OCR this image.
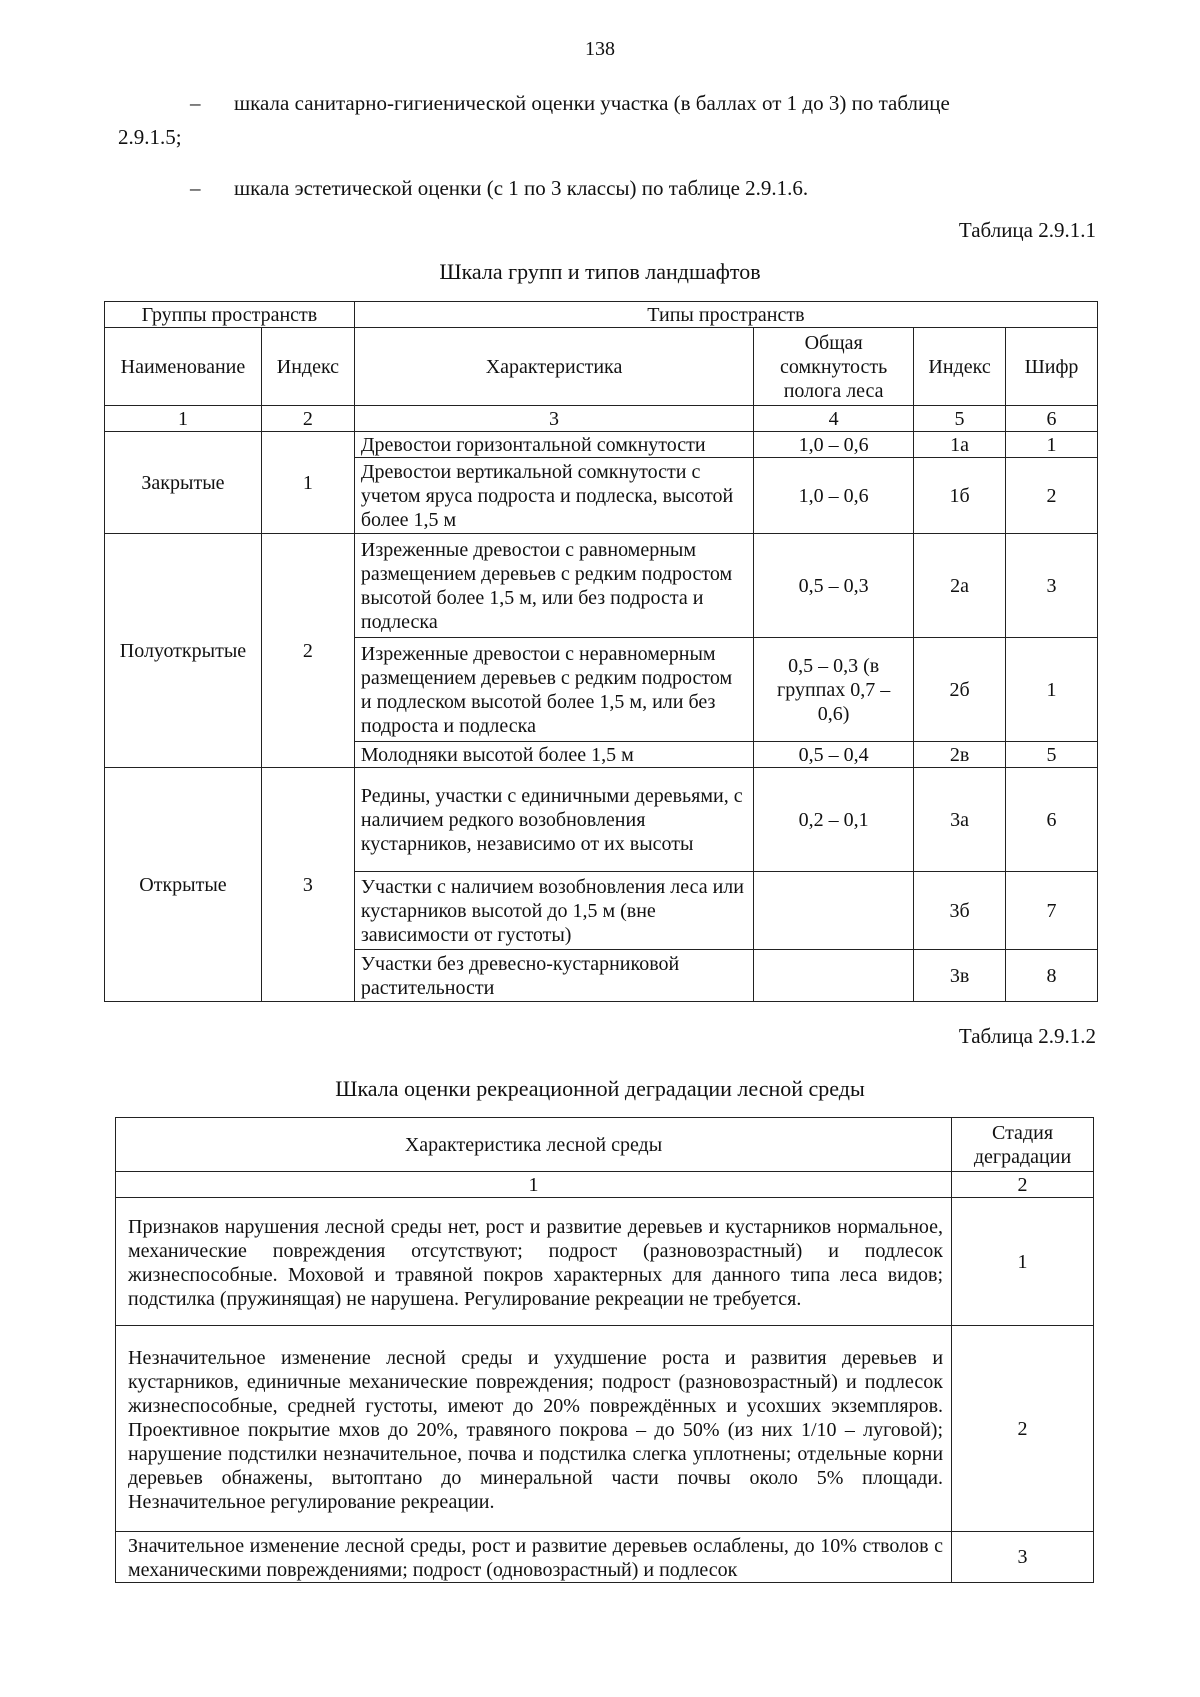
138
– шкала санитарно-гигиенической оценки участка (в баллах от 1 до 3) по таблице
2.9.1.5;
– шкала эстетической оценки (с 1 по 3 классы) по таблице 2.9.1.6.
Таблица 2.9.1.1
Шкала групп и типов ландшафтов
Группы пространств		Типы пространств			
Наименование	Индекс	Характеристика	Общая сомкнутость полога леса	Индекс	Шифр
1	2	3	4	5	6
Закрытые	1	Древостои горизонтальной сомкнутости	1,0 – 0,6	1а	1
		Древостои вертикальной сомкнутости с учетом яруса подроста и подлеска, высотой более 1,5 м	1,0 – 0,6	1б	2
Полуоткрытые	2	Изреженные древостои с равномерным размещением деревьев с редким подростом высотой более 1,5 м, или без подроста и подлеска	0,5 – 0,3	2а	3
		Изреженные древостои с неравномерным размещением деревьев с редким подростом и подлеском высотой более 1,5 м, или без подроста и подлеска	0,5 – 0,3 (в группах 0,7 – 0,6)	2б	1
		Молодняки высотой более 1,5 м	0,5 – 0,4	2в	5
Открытые	3	Редины, участки с единичными деревьями, с наличием редкого возобновления кустарников, независимо от их высоты	0,2 – 0,1	3а	6
		Участки с наличием возобновления леса или кустарников высотой до 1,5 м (вне зависимости от густоты)		3б	7
		Участки без древесно-кустарниковой растительности		3в	8
Таблица 2.9.1.2
Шкала оценки рекреационной деградации лесной среды
Характеристика лесной среды	Стадия деградации
1	2
Признаков нарушения лесной среды нет, рост и развитие деревьев и кустарников нормальное, механические повреждения отсутствуют; подрост (разновозрастный) и подлесок жизнеспособные. Моховой и травяной покров характерных для данного типа леса видов; подстилка (пружинящая) не нарушена. Регулирование рекреации не требуется.	1
Незначительное изменение лесной среды и ухудшение роста и развития деревьев и кустарников, единичные механические повреждения; подрост (разновозрастный) и подлесок жизнеспособные, средней густоты, имеют до 20% повреждённых и усохших экземпляров. Проективное покрытие мхов до 20%, травяного покрова – до 50% (из них 1/10 – луговой); нарушение подстилки незначительное, почва и подстилка слегка уплотнены; отдельные корни деревьев обнажены, вытоптано до минеральной части почвы около 5% площади. Незначительное регулирование рекреации.	2
Значительное изменение лесной среды, рост и развитие деревьев ослаблены, до 10% стволов с механическими повреждениями; подрост (одновозрастный) и подлесок	3
